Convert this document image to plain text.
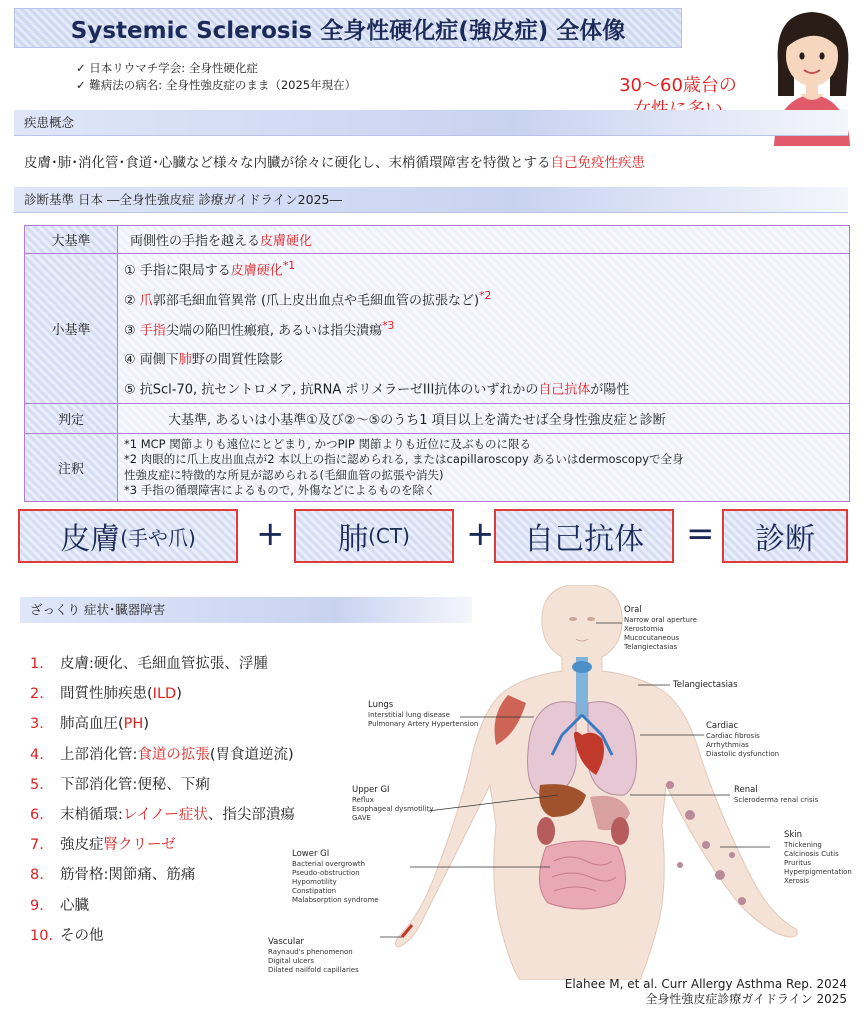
Systemic Sclerosis 全身性硬化症(強皮症) 全体像
✓ 日本リウマチ学会: 全身性硬化症
✓ 難病法の病名: 全身性強皮症のまま（2025年現在）	30～60歳台の
疾患概念
皮膚･肺･消化管･食道･心臓など様々な内臓が徐々に硬化し、末梢循環障害を特徴とする自己免疫性疾患
診断基準 日本 ―全身性強皮症 診療ガイドライン2025―
大基準	両側性の手指を越える皮膚硬化
小基準	① 手指に限局する皮膚硬化$^{*1}$
② 爪郭部毛細血管異常 (爪上皮出血点や毛細血管の拡張など)$^{*2}$
③ 手指尖端の陥凹性瘢痕, あるいは指尖潰瘍$^{*3}$
④ 両側下肺野の間質性陰影
⑤ 抗Scl-70, 抗セントロメア, 抗RNA ポリメラーゼIII抗体のいずれかの自己抗体が陽性

判定	大基準, あるいは小基準①及び②～⑤のうち1 項目以上を満たせば全身性強皮症と診断
注釈	*1 MCP 関節よりも遠位にとどまり, かつPIP 関節よりも近位に及ぶものに限る
*2 肉眼的に爪上皮出血点が2 本以上の指に認められる, またはcapillaroscopy あるいはdermoscopyで全身
性強皮症に特徴的な所見が認められる(毛細血管の拡張や消失)
*3 手指の循環障害によるもので, 外傷などによるものを除く
皮膚 (手や爪) + 肺 (CT) + 自己抗体	=	診断
ざっくり 症状･臓器障害
1. 皮膚:硬化、毛細血管拡張、浮腫
2. 間質性肺疾患(ILD)
3. 肺高血圧(PH)
4. 上部消化管:食道の拡張(胃食道逆流)
5. 下部消化管:便秘、下痢
6. 末梢循環:レイノー症状、指尖部潰瘍
7. 強皮症腎クリーゼ
8. 筋骨格:関節痛、筋痛
9. 心臓
10. その他
Oral
Narrow oral aperture
Xerostomia
Mucocutaneous
Telangiectasias
Telangiectasias
Lungs
Interstitial lung disease
Pulmonary Artery Hypertension	Cardiac
Cardiac fibrosis
Arrhythmias
Diastolic dysfunction
Upper GI
Reflux
Esophageal dysmotility
GAVE
Renal
Scleroderma renal crisis
Lower GI
Bacterial overgrowth
Pseudo-obstruction
Hypomotility
Constipation
Malabsorption syndrome
Skin
Thickening
Calcinosis Cutis
Pruritus
Hyperpigmentation
Xerosis
Vascular
Raynaud's phenomenon
Digital ulcers
Dilated nailfold capillaries
Elahee M, et al. Curr Allergy Asthma Rep. 2024
全身性強皮症診療ガイドライン 2025
